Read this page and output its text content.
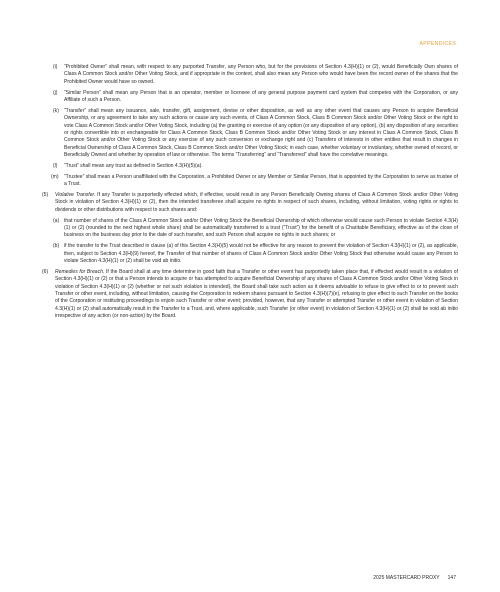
APPENDICES
(i) “Prohibited Owner” shall mean, with respect to any purported Transfer, any Person who, but for the provisions of Section 4.3(H)(1) or (2), would Beneficially Own shares of Class A Common Stock and/or Other Voting Stock, and if appropriate in the context, shall also mean any Person who would have been the record owner of the shares that the Prohibited Owner would have so owned.
(j) “Similar Person” shall mean any Person that is an operator, member or licensee of any general purpose payment card system that competes with the Corporation, or any Affiliate of such a Person.
(k) “Transfer” shall mean any issuance, sale, transfer, gift, assignment, devise or other disposition, as well as any other event that causes any Person to acquire Beneficial Ownership, or any agreement to take any such actions or cause any such events, of Class A Common Stock, Class B Common Stock and/or Other Voting Stock or the right to vote Class A Common Stock and/or Other Voting Stock, including (a) the granting or exercise of any option (or any disposition of any option), (b) any disposition of any securities or rights convertible into or exchangeable for Class A Common Stock, Class B Common Stock and/or Other Voting Stock or any interest in Class A Common Stock, Class B Common Stock and/or Other Voting Stock or any exercise of any such conversion or exchange right and (c) Transfers of interests in other entities that result in changes in Beneficial Ownership of Class A Common Stock, Class B Common Stock and/or Other Voting Stock; in each case, whether voluntary or involuntary, whether owned of record, or Beneficially Owned and whether by operation of law or otherwise. The terms “Transferring” and “Transferred” shall have the correlative meanings.
(l) “Trust” shall mean any trust as defined in Section 4.3(H)(5)(a).
(m) “Trustee” shall mean a Person unaffiliated with the Corporation, a Prohibited Owner or any Member or Similar Person, that is appointed by the Corporation to serve as trustee of a Trust.
(5) Violative Transfer. If any Transfer is purportedly effected which, if effective, would result in any Person Beneficially Owning shares of Class A Common Stock and/or Other Voting Stock in violation of Section 4.3(H)(1) or (2), then the intended transferee shall acquire no rights in respect of such shares, including, without limitation, voting rights or rights to dividends or other distributions with respect to such shares and:
(a) that number of shares of the Class A Common Stock and/or Other Voting Stock the Beneficial Ownership of which otherwise would cause such Person to violate Section 4.3(H)(1) or (2) (rounded to the next highest whole share) shall be automatically transferred to a trust (“Trust”) for the benefit of a Charitable Beneficiary, effective as of the close of business on the business day prior to the date of such transfer, and such Person shall acquire no rights in such shares; or
(b) if the transfer to the Trust described in clause (a) of this Section 4.3(H)(5) would not be effective for any reason to prevent the violation of Section 4.3(H)(1) or (2), as applicable, then, subject to Section 4.3(H)(9) hereof, the Transfer of that number of shares of Class A Common Stock and/or Other Voting Stock that otherwise would cause any Person to violate Section 4.3(H)(1) or (2) shall be void ab initio.
(6) Remedies for Breach. If the Board shall at any time determine in good faith that a Transfer or other event has purportedly taken place that, if effected would result in a violation of Section 4.3(H)(1) or (2) or that a Person intends to acquire or has attempted to acquire Beneficial Ownership of any shares of Class A Common Stock and/or Other Voting Stock in violation of Section 4.3(H)(1) or (2) (whether or not such violation is intended), the Board shall take such action as it deems advisable to refuse to give effect to or to prevent such Transfer or other event, including, without limitation, causing the Corporation to redeem shares pursuant to Section 4.3(H)(7)(e), refusing to give effect to such Transfer on the books of the Corporation or instituting proceedings to enjoin such Transfer or other event; provided, however, that any Transfer or attempted Transfer or other event in violation of Section 4.3(H)(1) or (2) shall automatically result in the Transfer to a Trust, and, where applicable, such Transfer (or other event) in violation of Section 4.3(H)(1) or (2) shall be void ab initio irrespective of any action (or non-action) by the Board.
2025 MASTERCARD PROXY 147
